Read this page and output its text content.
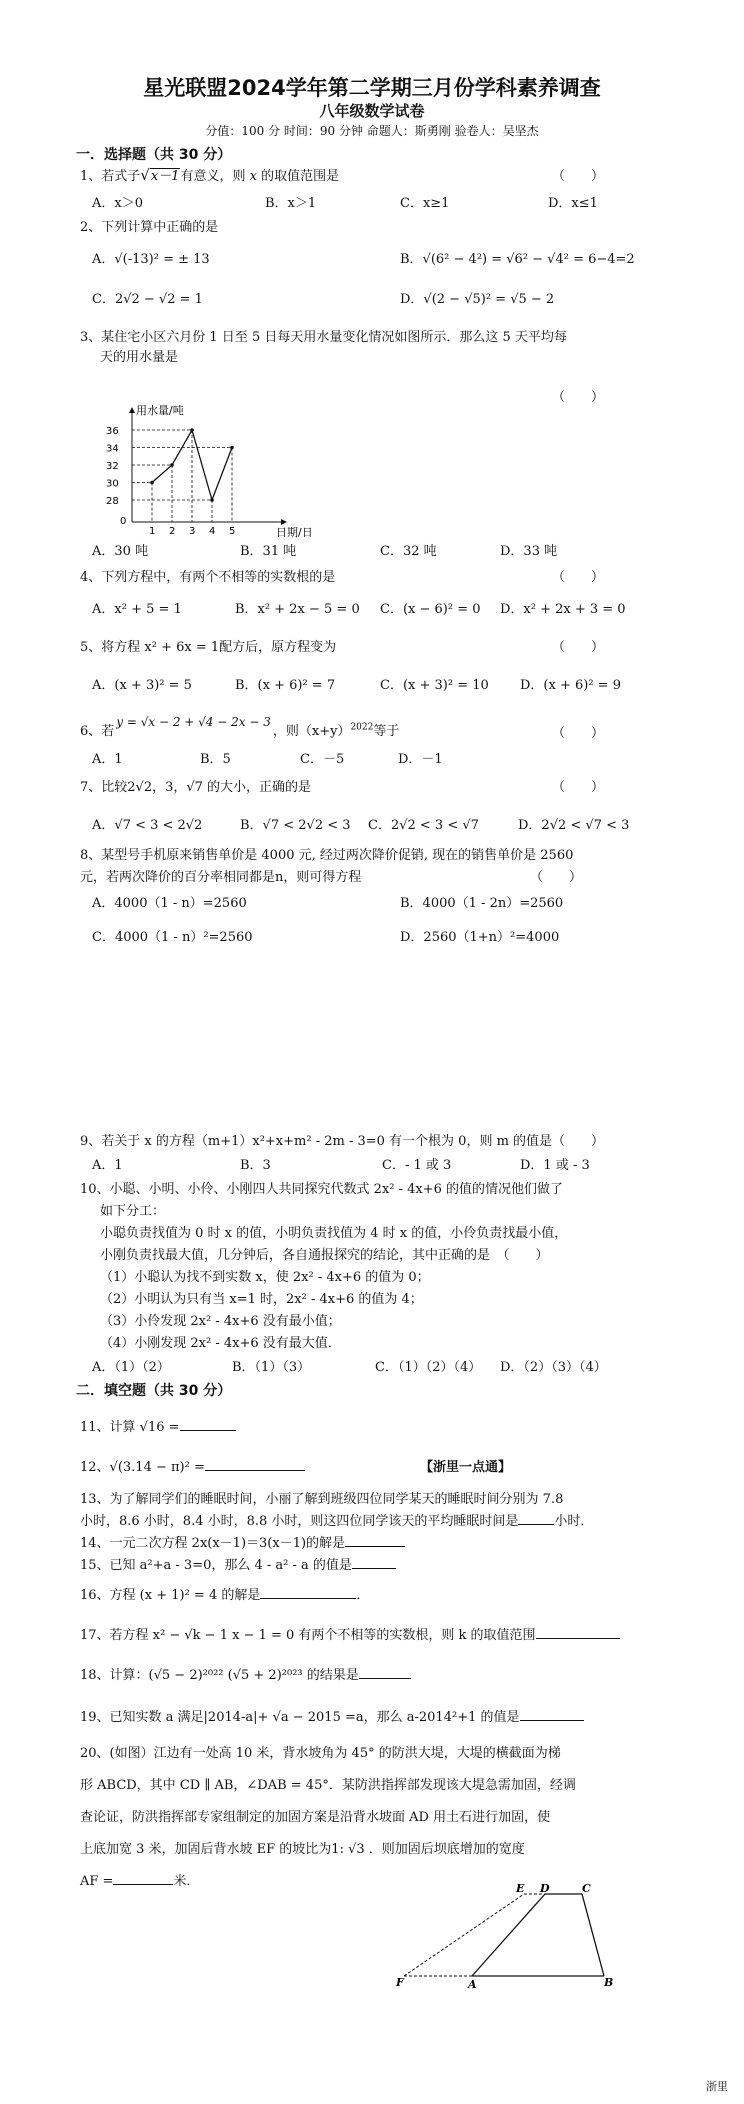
星光联盟2024学年第二学期三月份学科素养调查
八年级数学试卷
分值：100 分 时间：90 分钟 命题人：斯勇刚 验卷人：吴坚杰
一．选择题（共 30 分）
1、若式子√x－1有意义，则 x 的取值范围是	（　　）
A．x＞0	B．x＞1	C．x≥1	D．x≤1
2、下列计算中正确的是
A．√(-13)² = ± 13	B．√(6² − 4²) = √6² − √4² = 6−4=2
C．2√2 − √2 = 1	D．√(2 − √5)² = √5 − 2
3、某住宅小区六月份 1 日至 5 日每天用水量变化情况如图所示．那么这 5 天平均每
天的用水量是
（　　）
用水量/吨
日期/日
0
28
30
32
34
36
1 2 3 4 5
A．30 吨	B．31 吨	C．32 吨	D．33 吨
4、下列方程中，有两个不相等的实数根的是	（　　）
A．x² + 5 = 1	B．x² + 2x − 5 = 0 C．(x − 6)² = 0 D．x² + 2x + 3 = 0
5、将方程 x² + 6x = 1配方后，原方程变为	（　　）
A．(x + 3)² = 5	B．(x + 6)² = 7	C．(x + 3)² = 10 D．(x + 6)² = 9
6、若y = √x − 2 + √4 − 2x − 3，则$(x+y)^{2022}$等于	（　　）
A．1	B．5	C．－5	D．－1
7、比较2√2，3，√7 的大小，正确的是	（　　）
A．√7 < 3 < 2√2	B．√7 < 2√2 < 3 C．2√2 < 3 < √7	D．2√2 < √7 < 3
8、某型号手机原来销售单价是 4000 元, 经过两次降价促销, 现在的销售单价是 2560
元，若两次降价的百分率相同都是n，则可得方程	（　　）
A．4000（1 - n）=2560	B．4000（1 - 2n）=2560
C．4000（1 - n）²=2560	D．2560（1+n）²=4000
9、若关于 x 的方程（m+1）x²+x+m² - 2m - 3=0 有一个根为 0，则 m 的值是（　　）
A．1	B．3	C．- 1 或 3	D．1 或 - 3
10、小聪、小明、小伶、小刚四人共同探究代数式 2x² - 4x+6 的值的情况他们做了
如下分工：
小聪负责找值为 0 时 x 的值，小明负责找值为 4 时 x 的值，小伶负责找最小值，
小刚负责找最大值，几分钟后，各自通报探究的结论，其中正确的是　（　　）
（1）小聪认为找不到实数 x，使 2x² - 4x+6 的值为 0；
（2）小明认为只有当 x=1 时，2x² - 4x+6 的值为 4；
（3）小伶发现 2x² - 4x+6 没有最小值；
（4）小刚发现 2x² - 4x+6 没有最大值．
A．（1）（2）	B．（1）（3）	C．（1）（2）（4） D．（2）（3）（4）
二．填空题（共 30 分）
11、计算 √16 =
12、√(3.14 − π)² =	【浙里一点通】
13、为了解同学们的睡眠时间，小丽了解到班级四位同学某天的睡眠时间分别为 7.8
小时，8.6 小时，8.4 小时，8.8 小时，则这四位同学该天的平均睡眠时间是	小时．
14、一元二次方程 2x(x－1)＝3(x－1)的解是
15、已知 a²+a - 3=0，那么 4 - a² - a 的值是
16、方程 (x + 1)² = 4 的解是	．
17、若方程 x² − √k − 1 x − 1 = 0 有两个不相等的实数根，则 k 的取值范围
18、计算：(√5 − 2)²⁰²² (√5 + 2)²⁰²³ 的结果是
19、已知实数 a 满足|2014-a|+ √a − 2015 =a，那么 a-2014²+1 的值是
20、(如图）江边有一处高 10 米，背水坡角为 45° 的防洪大堤，大堤的横截面为梯
形 ABCD，其中 CD ∥ AB，∠DAB = 45°．某防洪指挥部发现该大堤急需加固，经调
查论证，防洪指挥部专家组制定的加固方案是沿背水坡面 AD 用土石进行加固，使
上底加宽 3 米，加固后背水坡 EF 的坡比为1: √3 ．则加固后坝底增加的宽度
AF =	米．	E D	C
F	A	B
浙里
